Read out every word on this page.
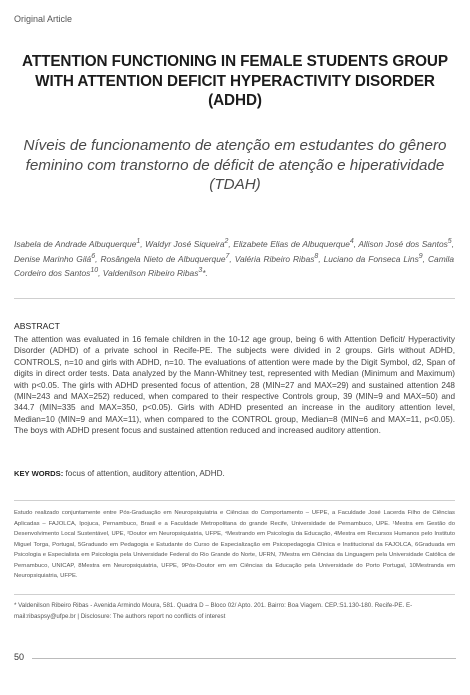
Original Article
ATTENTION FUNCTIONING IN FEMALE STUDENTS GROUP WITH ATTENTION DEFICIT HYPERACTIVITY DISORDER (ADHD)
Níveis de funcionamento de atenção em estudantes do gênero feminino com transtorno de déficit de atenção e hiperatividade (TDAH)
Isabela de Andrade Albuquerque$^1$, Waldyr José Siqueira$^2$, Elizabete Elias de Albuquerque$^4$, Allison José dos Santos$^5$, Denise Marinho Gilá$^6$, Rosângela Nieto de Albuquerque$^7$, Valéria Ribeiro Ribas$^8$, Luciano da Fonseca Lins$^9$, Camila Cordeiro dos Santos$^{10}$, Valdenilson Ribeiro Ribas$^3$*.
ABSTRACT
The attention was evaluated in 16 female children in the 10-12 age group, being 6 with Attention Deficit/ Hyperactivity Disorder (ADHD) of a private school in Recife-PE. The subjects were divided in 2 groups. Girls without ADHD, CONTROLS, n=10 and girls with ADHD, n=10. The evaluations of attention were made by the Digit Symbol, d2, Span of digits in direct order tests. Data analyzed by the Mann-Whitney test, represented with Median (Minimum and Maximum) with p<0.05. The girls with ADHD presented focus of attention, 28 (MIN=27 and MAX=29) and sustained attention 248 (MIN=243 and MAX=252) reduced, when compared to their respective Controls group, 39 (MIN=9 and MAX=50) and 344.7 (MIN=335 and MAX=350, p<0.05). Girls with ADHD presented an increase in the auditory attention level, Median=10 (MIN=9 and MAX=11), when compared to the CONTROL group, Median=8 (MIN=6 and MAX=11, p<0.05). The boys with ADHD present focus and sustained attention reduced and increased auditory attention.
KEY WORDS: focus of attention, auditory attention, ADHD.
Estudo realizado conjuntamente entre Pós-Graduação em Neuropsiquiatria e Ciências do Comportamento – UFPE, a Faculdade José Lacerda Filho de Ciências Aplicadas – FAJOLCA, Ipojuca, Pernambuco, Brasil e a Faculdade Metropolitana do grande Recife, Universidade de Pernambuco, UPE. ¹Mestra em Gestão do Desenvolvimento Local Sustentável, UPE, ²Doutor em Neuropsiquiatria, UFPE, ⁴Mestrando em Psicologia da Educação, 4Mestra em Recursos Humanos pelo Instituto Miguel Torga, Portugal, 5Graduado em Pedagogia e Estudante do Curso de Especialização em Psicopedagogia Clínica e Institucional da FAJOLCA, 6Graduada em Psicologia e Especialista em Psicologia pela Universidade Federal do Rio Grande do Norte, UFRN, 7Mestra em Ciências da Linguagem pela Universidade Católica de Pernambuco, UNICAP, 8Mestra em Neuropsiquiatria, UFPE, 9Pós-Doutor em em Ciências da Educação pela Universidade do Porto Portugal, 10Mestranda em Neuropsiquiatria, UFPE.
* Valdenilson Ribeiro Ribas - Avenida Armindo Moura, 581. Quadra D – Bloco 02/ Apto. 201. Bairro: Boa Viagem. CEP.:51.130-180. Recife-PE. E-mail:ribaspsy@ufpe.br | Disclosure: The authors report no conflicts of interest
50
